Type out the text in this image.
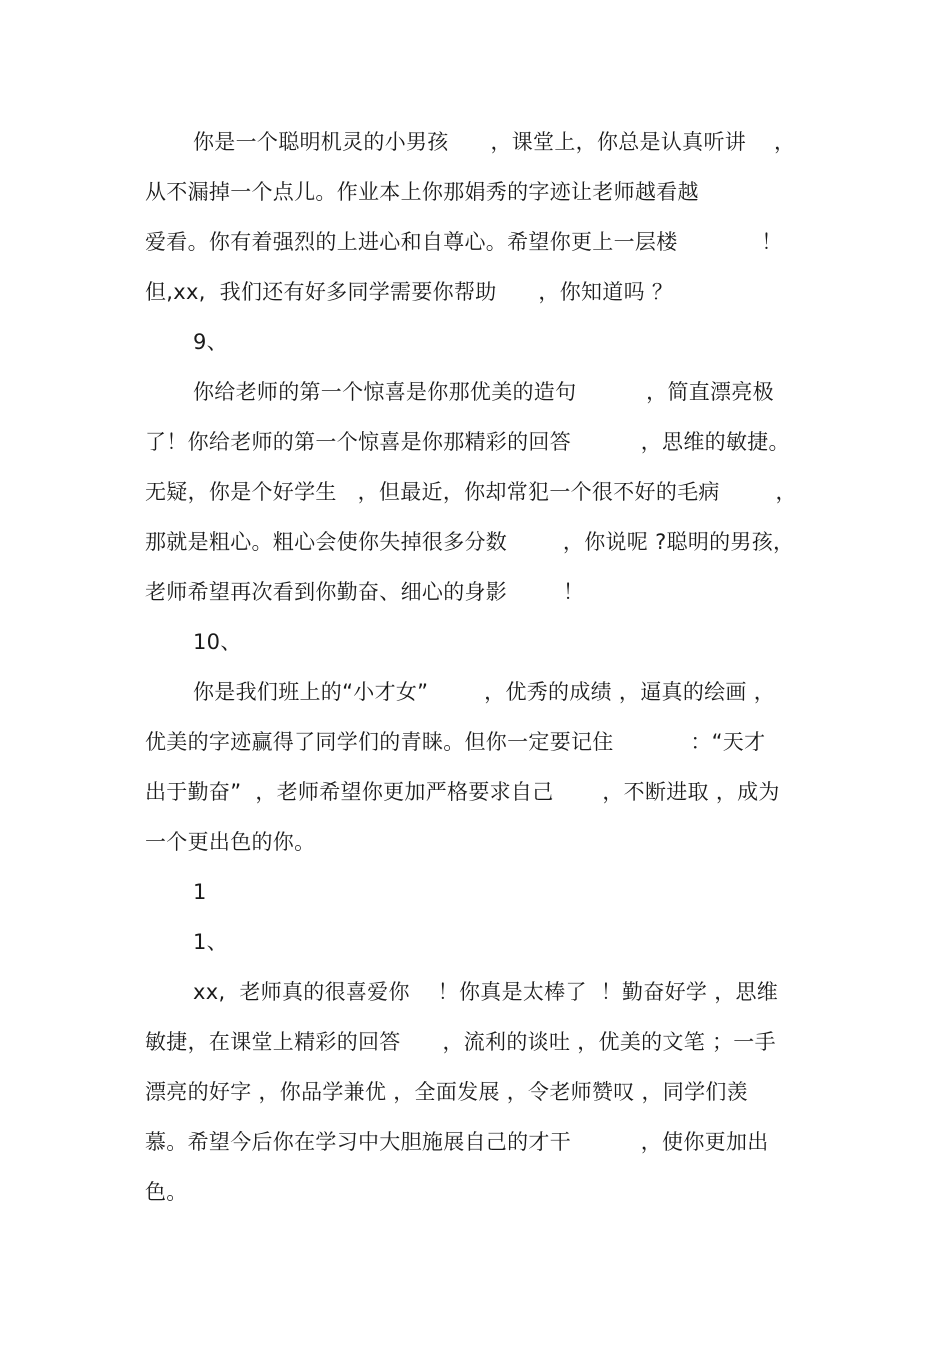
你是一个聪明机灵的小男孩      ，课堂上，你总是认真听讲    ，

从不漏掉一个点儿。作业本上你那娟秀的字迹让老师越看越

爱看。你有着强烈的上进心和自尊心。希望你更上一层楼            ！

但,xx,  我们还有好多同学需要你帮助      ，你知道吗 ？

9、

你给老师的第一个惊喜是你那优美的造句          ，简直漂亮极

了！你给老师的第一个惊喜是你那精彩的回答          ，思维的敏捷。

无疑，你是个好学生   ，但最近，你却常犯一个很不好的毛病        ，

那就是粗心。粗心会使你失掉很多分数        ，你说呢 ?聪明的男孩，

老师希望再次看到你勤奋、细心的身影        ！

10、

你是我们班上的“小才女”        ，优秀的成绩 ，逼真的绘画 ，

优美的字迹赢得了同学们的青睐。但你一定要记住           ：“天才

出于勤奋”  ，老师希望你更加严格要求自己       ，不断进取 ，成为

一个更出色的你。

1

1、

xx,  老师真的很喜爱你    ！你真是太棒了  ！勤奋好学 ，思维

敏捷，在课堂上精彩的回答      ，流利的谈吐 ，优美的文笔 ；一手

漂亮的好字 ，你品学兼优 ，全面发展 ，令老师赞叹 ，同学们羡

慕。希望今后你在学习中大胆施展自己的才干          ，使你更加出

色。
